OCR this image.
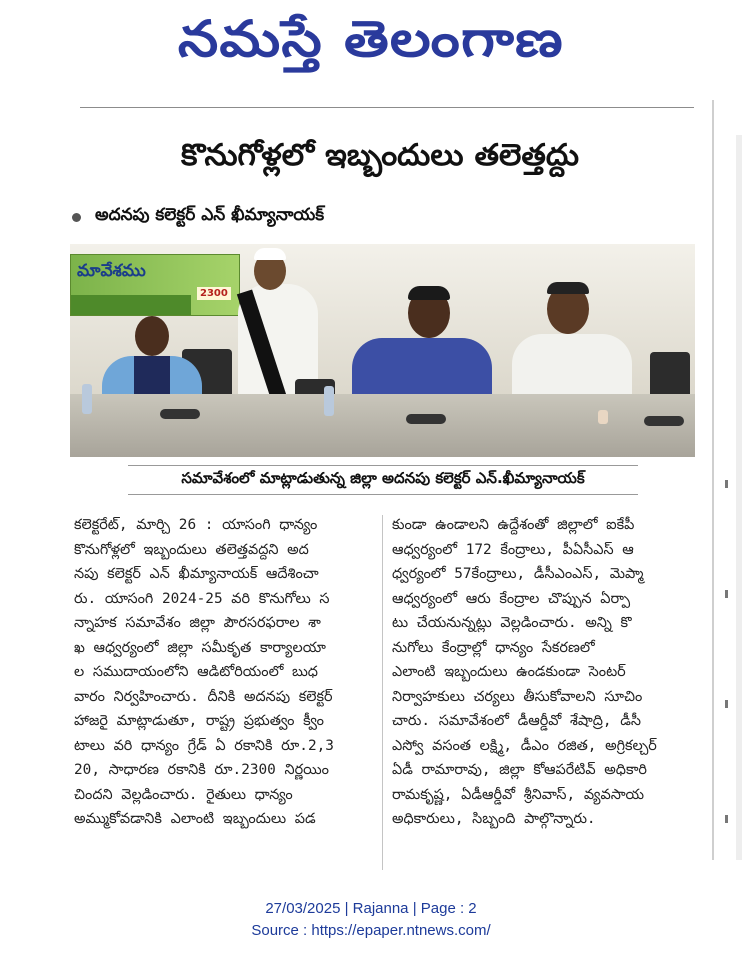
నమస్తే తెలంగాణ
కొనుగోళ్లలో ఇబ్బందులు తలెత్తద్దు
అదనపు కలెక్టర్ ఎన్ ఖీమ్యానాయక్
మావేశము
2300
సమావేశంలో మాట్లాడుతున్న జిల్లా అదనపు కలెక్టర్ ఎన్.ఖీమ్యానాయక్
కలెక్టరేట్, మార్చి 26 : యాసంగి ధాన్యం
కొనుగోళ్లలో ఇబ్బందులు తలెత్తవద్దని అద
నపు కలెక్టర్ ఎన్ ఖీమ్యానాయక్ ఆదేశించా
రు. యాసంగి 2024-25 వరి కొనుగోలు స
న్నాహక సమావేశం జిల్లా పౌరసరఫరాల శా
ఖ ఆధ్వర్యంలో జిల్లా సమీకృత కార్యాలయా
ల సముదాయంలోని ఆడిటోరియంలో బుధ
వారం నిర్వహించారు. దీనికి అదనపు కలెక్టర్
హాజరై మాట్లాడుతూ, రాష్ట్ర ప్రభుత్వం క్వీం
టాలు వరి ధాన్యం గ్రేడ్ ఏ రకానికి రూ.2,3
20, సాధారణ రకానికి రూ.2300 నిర్ణయిం
చిందని వెల్లడించారు. రైతులు ధాన్యం
అమ్ముకోవడానికి ఎలాంటి ఇబ్బందులు పడ
కుండా ఉండాలని ఉద్దేశంతో జిల్లాలో ఐకేపీ
ఆధ్వర్యంలో 172 కేంద్రాలు, పీఏసీఎస్ ఆ
ధ్వర్యంలో 57కేంద్రాలు, డీసీఎంఎస్, మెప్మా
ఆధ్వర్యంలో ఆరు కేంద్రాల చొప్పున ఏర్పా
టు చేయనున్నట్లు వెల్లడించారు. అన్ని కొ
నుగోలు కేంద్రాల్లో ధాన్యం సేకరణలో
ఎలాంటి ఇబ్బందులు ఉండకుండా సెంటర్
నిర్వాహకులు చర్యలు తీసుకోవాలని సూచిం
చారు. సమావేశంలో డీఆర్డీవో శేషాద్రి, డీసీ
ఎస్వో వసంత లక్ష్మి, డీఎం రజిత, అగ్రికల్చర్
ఏడీ రామారావు, జిల్లా కోఆపరేటివ్ అధికారి
రామకృష్ణ, ఏడీఆర్డీవో శ్రీనివాస్, వ్యవసాయ
అధికారులు, సిబ్బంది పాల్గొన్నారు.
27/03/2025 | Rajanna | Page : 2
Source : https://epaper.ntnews.com/
